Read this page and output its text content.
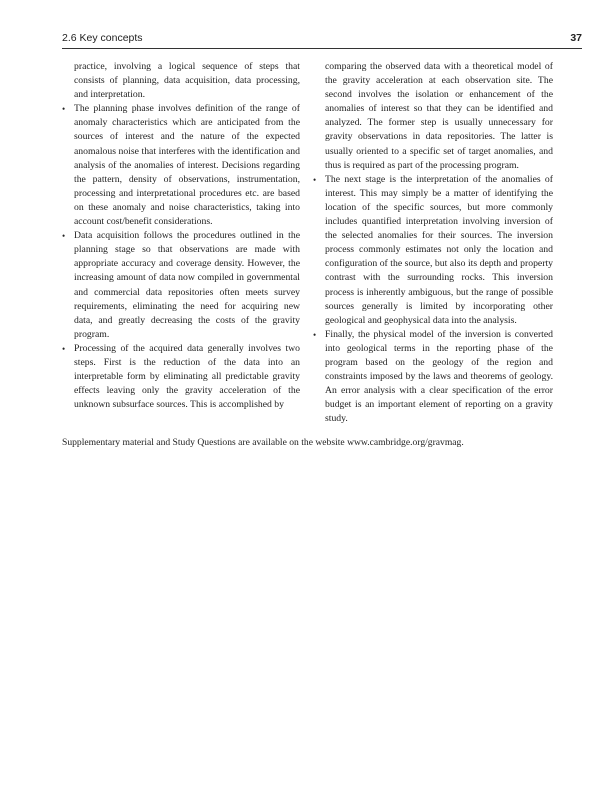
2.6 Key concepts	37

practice, involving a logical sequence of steps that consists of planning, data acquisition, data processing, and interpretation.

• The planning phase involves definition of the range of anomaly characteristics which are anticipated from the sources of interest and the nature of the expected anomalous noise that interferes with the identification and analysis of the anomalies of interest. Decisions regarding the pattern, density of observations, instrumentation, processing and interpretational procedures etc. are based on these anomaly and noise characteristics, taking into account cost/benefit considerations.

• Data acquisition follows the procedures outlined in the planning stage so that observations are made with appropriate accuracy and coverage density. However, the increasing amount of data now compiled in governmental and commercial data repositories often meets survey requirements, eliminating the need for acquiring new data, and greatly decreasing the costs of the gravity program.

• Processing of the acquired data generally involves two steps. First is the reduction of the data into an interpretable form by eliminating all predictable gravity effects leaving only the gravity acceleration of the unknown subsurface sources. This is accomplished by

comparing the observed data with a theoretical model of the gravity acceleration at each observation site. The second involves the isolation or enhancement of the anomalies of interest so that they can be identified and analyzed. The former step is usually unnecessary for gravity observations in data repositories. The latter is usually oriented to a specific set of target anomalies, and thus is required as part of the processing program.

• The next stage is the interpretation of the anomalies of interest. This may simply be a matter of identifying the location of the specific sources, but more commonly includes quantified interpretation involving inversion of the selected anomalies for their sources. The inversion process commonly estimates not only the location and configuration of the source, but also its depth and property contrast with the surrounding rocks. This inversion process is inherently ambiguous, but the range of possible sources generally is limited by incorporating other geological and geophysical data into the analysis.

• Finally, the physical model of the inversion is converted into geological terms in the reporting phase of the program based on the geology of the region and constraints imposed by the laws and theorems of geology. An error analysis with a clear specification of the error budget is an important element of reporting on a gravity study.

Supplementary material and Study Questions are available on the website www.cambridge.org/gravmag.
